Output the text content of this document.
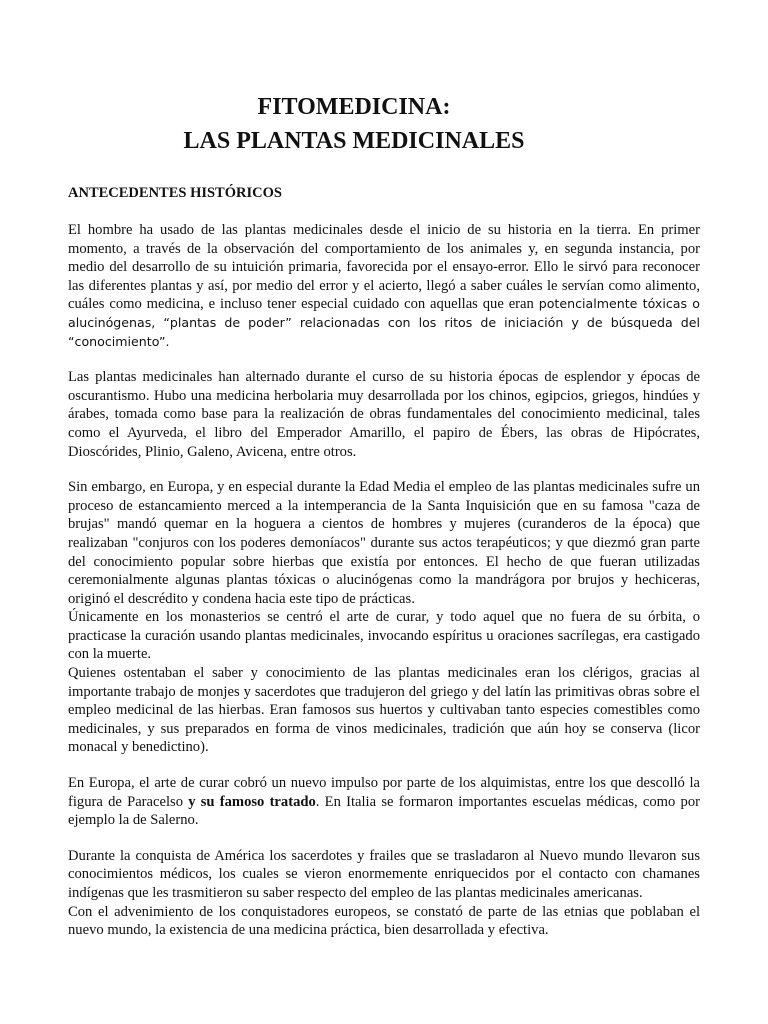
FITOMEDICINA:
LAS PLANTAS MEDICINALES
ANTECEDENTES HISTÓRICOS

El hombre ha usado de las plantas medicinales desde el inicio de su historia en la tierra. En primer momento, a través de la observación del comportamiento de los animales y, en segunda instancia, por medio del desarrollo de su intuición primaria, favorecida por el ensayo-error. Ello le sirvó para reconocer las diferentes plantas y así, por medio del error y el acierto, llegó a saber cuáles le servían como alimento, cuáles como medicina, e incluso tener especial cuidado con aquellas que eran potencialmente tóxicas o alucinógenas, “plantas de poder” relacionadas con los ritos de iniciación y de búsqueda del “conocimiento”.

Las plantas medicinales han alternado durante el curso de su historia épocas de esplendor y épocas de oscurantismo. Hubo una medicina herbolaria muy desarrollada por los chinos, egipcios, griegos, hindúes y árabes, tomada como base para la realización de obras fundamentales del conocimiento medicinal, tales como el Ayurveda, el libro del Emperador Amarillo, el papiro de Ébers, las obras de Hipócrates, Dioscórides, Plinio, Galeno, Avicena, entre otros.

Sin embargo, en Europa, y en especial durante la Edad Media el empleo de las plantas medicinales sufre un proceso de estancamiento merced a la intemperancia de la Santa Inquisición que en su famosa "caza de brujas" mandó quemar en la hoguera a cientos de hombres y mujeres (curanderos de la época) que realizaban "conjuros con los poderes demoníacos" durante sus actos terapéuticos; y que diezmó gran parte del conocimiento popular sobre hierbas que existía por entonces. El hecho de que fueran utilizadas ceremonialmente algunas plantas tóxicas o alucinógenas como la mandrágora por brujos y hechiceras, originó el descrédito y condena hacia este tipo de prácticas.

Únicamente en los monasterios se centró el arte de curar, y todo aquel que no fuera de su órbita, o practicase la curación usando plantas medicinales, invocando espíritus u oraciones sacrílegas, era castigado con la muerte.

Quienes ostentaban el saber y conocimiento de las plantas medicinales eran los clérigos, gracias al importante trabajo de monjes y sacerdotes que tradujeron del griego y del latín las primitivas obras sobre el empleo medicinal de las hierbas. Eran famosos sus huertos y cultivaban tanto especies comestibles como medicinales, y sus preparados en forma de vinos medicinales, tradición que aún hoy se conserva (licor monacal y benedictino).

En Europa, el arte de curar cobró un nuevo impulso por parte de los alquimistas, entre los que descolló la figura de Paracelso y su famoso tratado. En Italia se formaron importantes escuelas médicas, como por ejemplo la de Salerno.

Durante la conquista de América los sacerdotes y frailes que se trasladaron al Nuevo mundo llevaron sus conocimientos médicos, los cuales se vieron enormemente enriquecidos por el contacto con chamanes indígenas que les trasmitieron su saber respecto del empleo de las plantas medicinales americanas.

Con el advenimiento de los conquistadores europeos, se constató de parte de las etnias que poblaban el nuevo mundo, la existencia de una medicina práctica, bien desarrollada y efectiva.
